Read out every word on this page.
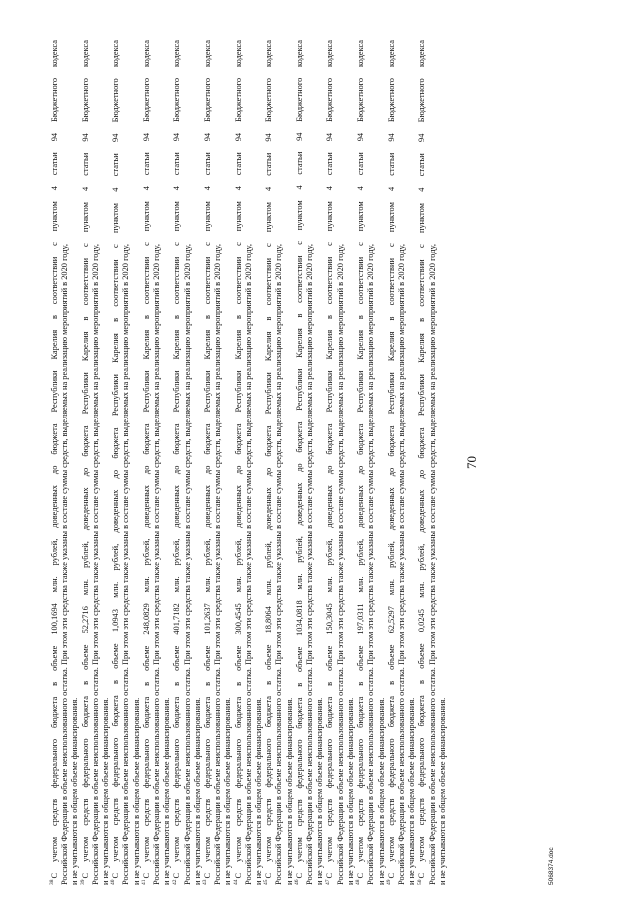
$^{38}$С учетом средств федерального бюджета в объеме 100,1694 млн. рублей, доведенных до бюджета Республики Карелия в соответствии с пунктом 4 статьи 94 Бюджетного кодекса Российской Федерации в объеме неиспользованного остатка. При этом эти средства также указаны в составе суммы средств, выделяемых на реализацию мероприятий в 2020 году, и не учитываются в общем объеме финансирования. $^{39}$С учетом средств федерального бюджета в объеме 52,2716 млн. рублей, доведенных до бюджета Республики Карелия в соответствии с пунктом 4 статьи 94 Бюджетного кодекса Российской Федерации в объеме неиспользованного остатка. При этом эти средства также указаны в составе суммы средств, выделяемых на реализацию мероприятий в 2020 году, и не учитываются в общем объеме финансирования. $^{40}$С учетом средств федерального бюджета в объеме 1,0943 млн. рублей, доведенных до бюджета Республики Карелия в соответствии с пунктом 4 статьи 94 Бюджетного кодекса Российской Федерации в объеме неиспользованного остатка. При этом эти средства также указаны в составе суммы средств, выделяемых на реализацию мероприятий в 2020 году, и не учитываются в общем объеме финансирования. $^{41}$С учетом средств федерального бюджета в объеме 248,0829 млн. рублей, доведенных до бюджета Республики Карелия в соответствии с пунктом 4 статьи 94 Бюджетного кодекса Российской Федерации в объеме неиспользованного остатка. При этом эти средства также указаны в составе суммы средств, выделяемых на реализацию мероприятий в 2020 году, и не учитываются в общем объеме финансирования. $^{42}$С учетом средств федерального бюджета в объеме 401,7182 млн. рублей, доведенных до бюджета Республики Карелия в соответствии с пунктом 4 статьи 94 Бюджетного кодекса Российской Федерации в объеме неиспользованного остатка. При этом эти средства также указаны в составе суммы средств, выделяемых на реализацию мероприятий в 2020 году, и не учитываются в общем объеме финансирования. $^{43}$С учетом средств федерального бюджета в объеме 101,2637 млн. рублей, доведенных до бюджета Республики Карелия в соответствии с пунктом 4 статьи 94 Бюджетного кодекса Российской Федерации в объеме неиспользованного остатка. При этом эти средства также указаны в составе суммы средств, выделяемых на реализацию мероприятий в 2020 году, и не учитываются в общем объеме финансирования. $^{44}$С учетом средств федерального бюджета в объеме 300,4545 млн. рублей, доведенных до бюджета Республики Карелия в соответствии с пунктом 4 статьи 94 Бюджетного кодекса Российской Федерации в объеме неиспользованного остатка. При этом эти средства также указаны в составе суммы средств, выделяемых на реализацию мероприятий в 2020 году, и не учитываются в общем объеме финансирования. $^{45}$С учетом средств федерального бюджета в объеме 18,8064 млн. рублей, доведенных до бюджета Республики Карелия в соответствии с пунктом 4 статьи 94 Бюджетного кодекса Российской Федерации в объеме неиспользованного остатка. При этом эти средства также указаны в составе суммы средств, выделяемых на реализацию мероприятий в 2020 году, и не учитываются в общем объеме финансирования. $^{46}$С учетом средств федерального бюджета в объеме 1034,0818 млн. рублей, доведенных до бюджета Республики Карелия в соответствии с пунктом 4 статьи 94 Бюджетного кодекса Российской Федерации в объеме неиспользованного остатка. При этом эти средства также указаны в составе суммы средств, выделяемых на реализацию мероприятий в 2020 году, и не учитываются в общем объеме финансирования. $^{47}$С учетом средств федерального бюджета в объеме 150,3045 млн. рублей, доведенных до бюджета Республики Карелия в соответствии с пунктом 4 статьи 94 Бюджетного кодекса Российской Федерации в объеме неиспользованного остатка. При этом эти средства также указаны в составе суммы средств, выделяемых на реализацию мероприятий в 2020 году, и не учитываются в общем объеме финансирования. $^{48}$С учетом средств федерального бюджета в объеме 197,0311 млн. рублей, доведенных до бюджета Республики Карелия в соответствии с пунктом 4 статьи 94 Бюджетного кодекса Российской Федерации в объеме неиспользованного остатка. При этом эти средства также указаны в составе суммы средств, выделяемых на реализацию мероприятий в 2020 году, и не учитываются в общем объеме финансирования. $^{49}$С учетом средств федерального бюджета в объеме 62,5297 млн. рублей, доведенных до бюджета Республики Карелия в соответствии с пунктом 4 статьи 94 Бюджетного кодекса Российской Федерации в объеме неиспользованного остатка. При этом эти средства также указаны в составе суммы средств, выделяемых на реализацию мероприятий в 2020 году, и не учитываются в общем объеме финансирования. $^{50}$С учетом средств федерального бюджета в объеме 0,0245 млн. рублей, доведенных до бюджета Республики Карелия в соответствии с пунктом 4 статьи 94 Бюджетного кодекса Российской Федерации в объеме неиспользованного остатка. При этом эти средства также указаны в составе суммы средств, выделяемых на реализацию мероприятий в 2020 году, и не учитываются в общем объеме финансирования.
70
5068374.doc
